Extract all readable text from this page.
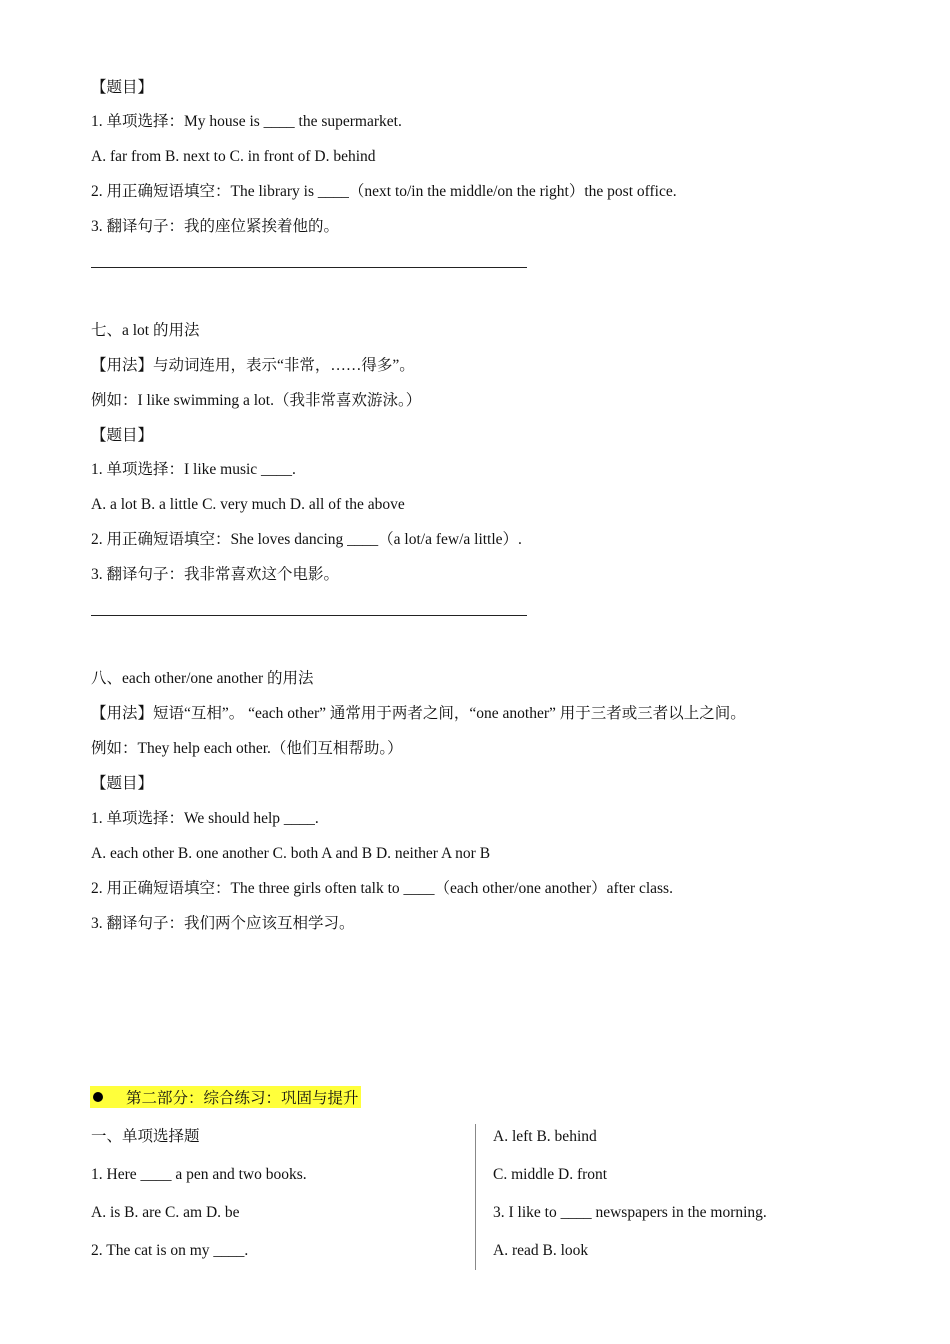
【题目】
1. 单项选择：My house is ____ the supermarket.
A. far from B. next to C. in front of D. behind
2. 用正确短语填空：The library is ____（next to/in the middle/on the right）the post office.
3. 翻译句子：我的座位紧挨着他的。
七、a lot 的用法
【用法】与动词连用，表示“非常，……得多”。
例如：I like swimming a lot.（我非常喜欢游泳。）
【题目】
1. 单项选择：I like music ____.
A. a lot B. a little C. very much D. all of the above
2. 用正确短语填空：She loves dancing ____（a lot/a few/a little）.
3. 翻译句子：我非常喜欢这个电影。
八、each other/one another 的用法
【用法】短语“互相”。 “each other” 通常用于两者之间，“one another” 用于三者或三者以上之间。
例如：They help each other.（他们互相帮助。）
【题目】
1. 单项选择：We should help ____.
A. each other B. one another C. both A and B D. neither A nor B
2. 用正确短语填空：The three girls often talk to ____（each other/one another）after class.
3. 翻译句子：我们两个应该互相学习。
第二部分：综合练习：巩固与提升
一、单项选择题
1. Here ____ a pen and two books.
A. is B. are C. am D. be
2. The cat is on my ____.
A. left B. behind
C. middle D. front
3. I like to ____ newspapers in the morning.
A. read B. look
